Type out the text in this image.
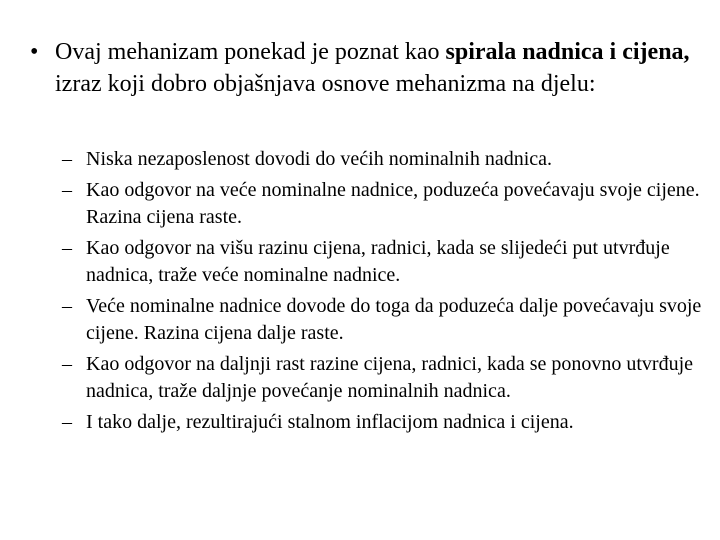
• Ovaj mehanizam ponekad je poznat kao spirala nadnica i cijena, izraz koji dobro objašnjava osnove mehanizma na djelu:
– Niska nezaposlenost dovodi do većih nominalnih nadnica.
– Kao odgovor na veće nominalne nadnice, poduzeća povećavaju svoje cijene. Razina cijena raste.
– Kao odgovor na višu razinu cijena, radnici, kada se slijedeći put utvrđuje nadnica, traže veće nominalne nadnice.
– Veće nominalne nadnice dovode do toga da poduzeća dalje povećavaju svoje cijene. Razina cijena dalje raste.
– Kao odgovor na daljnji rast razine cijena, radnici, kada se ponovno utvrđuje nadnica, traže daljnje povećanje nominalnih nadnica.
– I tako dalje, rezultirajući stalnom inflacijom nadnica i cijena.
